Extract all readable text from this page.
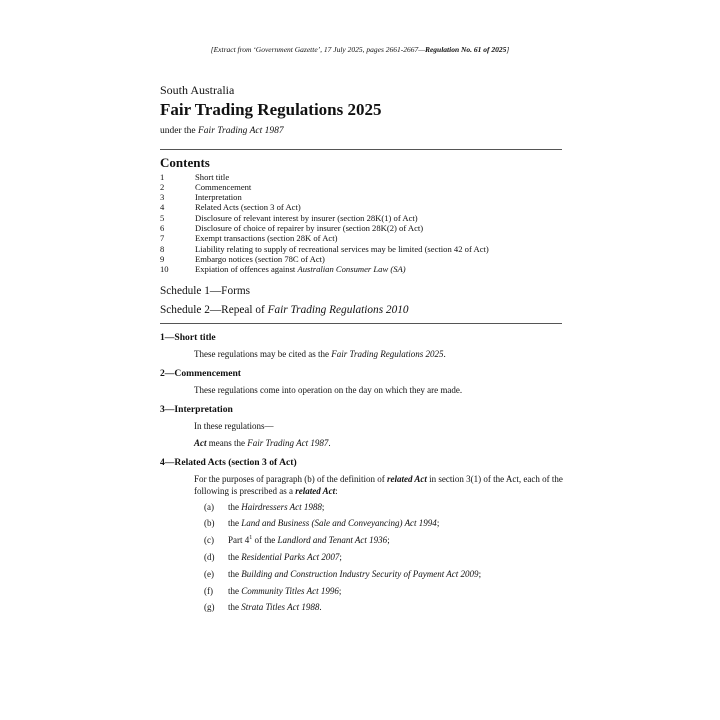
[Extract from ‘Government Gazette’, 17 July 2025, pages 2661-2667—Regulation No. 61 of 2025]
South Australia
Fair Trading Regulations 2025
under the Fair Trading Act 1987
Contents
1	Short title
2	Commencement
3	Interpretation
4	Related Acts (section 3 of Act)
5	Disclosure of relevant interest by insurer (section 28K(1) of Act)
6	Disclosure of choice of repairer by insurer (section 28K(2) of Act)
7	Exempt transactions (section 28K of Act)
8	Liability relating to supply of recreational services may be limited (section 42 of Act)
9	Embargo notices (section 78C of Act)
10	Expiation of offences against Australian Consumer Law (SA)
Schedule 1—Forms
Schedule 2—Repeal of Fair Trading Regulations 2010
1—Short title
These regulations may be cited as the Fair Trading Regulations 2025.
2—Commencement
These regulations come into operation on the day on which they are made.
3—Interpretation
In these regulations—
Act means the Fair Trading Act 1987.
4—Related Acts (section 3 of Act)
For the purposes of paragraph (b) of the definition of related Act in section 3(1) of the Act, each of the following is prescribed as a related Act:
(a) the Hairdressers Act 1988;
(b) the Land and Business (Sale and Conveyancing) Act 1994;
(c) Part $4^1$ of the Landlord and Tenant Act 1936;
(d) the Residential Parks Act 2007;
(e) the Building and Construction Industry Security of Payment Act 2009;
(f) the Community Titles Act 1996;
(g) the Strata Titles Act 1988.
